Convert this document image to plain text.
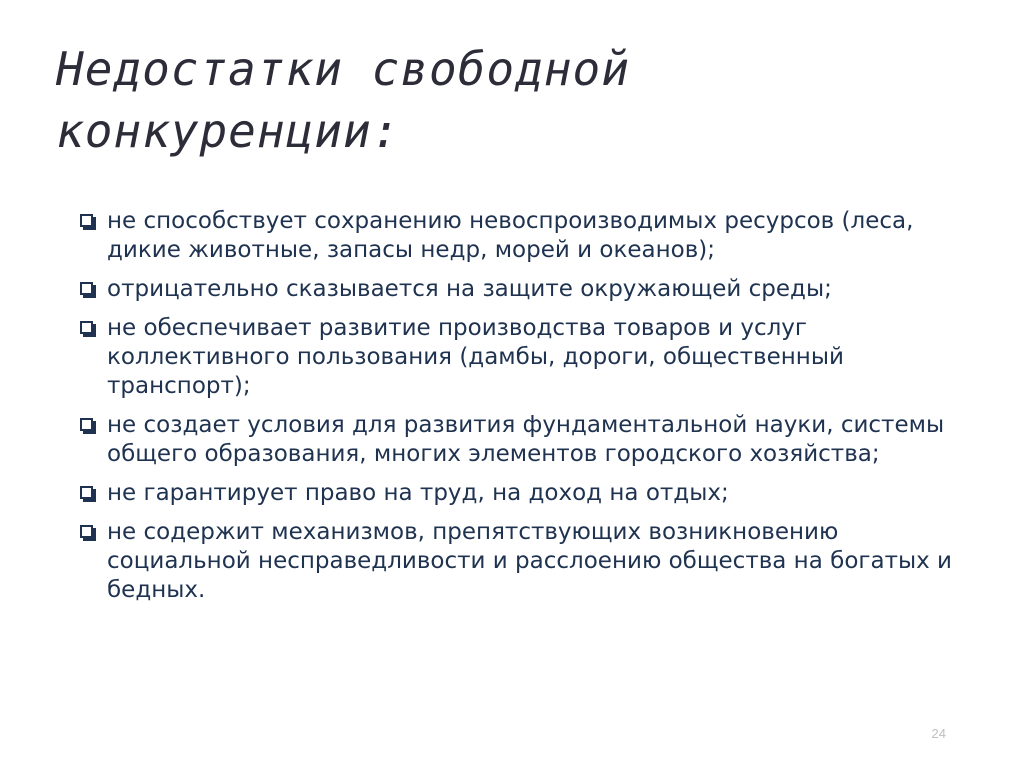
Недостатки свободной
конкуренции:
не способствует сохранению невоспроизводимых ресурсов (леса, дикие животные, запасы недр, морей и океанов);
отрицательно сказывается на защите окружающей среды;
не обеспечивает развитие производства товаров и услуг коллективного пользования (дамбы, дороги, общественный транспорт);
не создает условия для развития фундаментальной науки, системы общего образования, многих элементов городского хозяйства;
не гарантирует право на труд, на доход на отдых;
не содержит механизмов, препятствующих возникновению социальной несправедливости и расслоению общества на богатых и бедных.
24
